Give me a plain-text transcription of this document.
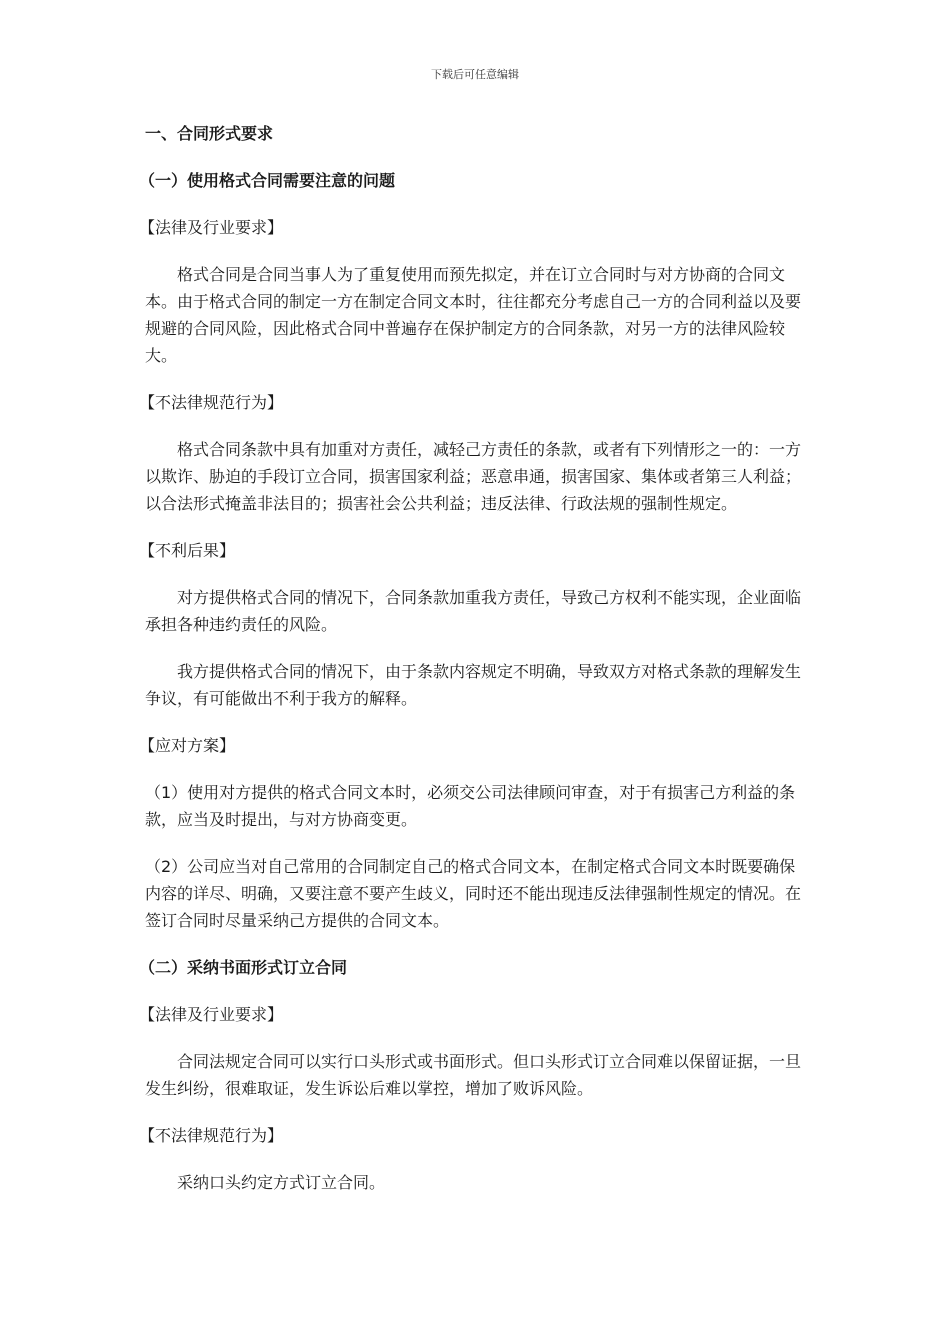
下载后可任意编辑
一、合同形式要求
（一）使用格式合同需要注意的问题
【法律及行业要求】
格式合同是合同当事人为了重复使用而预先拟定，并在订立合同时与对方协商的合同文本。由于格式合同的制定一方在制定合同文本时，往往都充分考虑自己一方的合同利益以及要规避的合同风险，因此格式合同中普遍存在保护制定方的合同条款，对另一方的法律风险较大。
【不法律规范行为】
格式合同条款中具有加重对方责任，减轻己方责任的条款，或者有下列情形之一的：一方以欺诈、胁迫的手段订立合同，损害国家利益；恶意串通，损害国家、集体或者第三人利益；以合法形式掩盖非法目的；损害社会公共利益；违反法律、行政法规的强制性规定。
【不利后果】
对方提供格式合同的情况下，合同条款加重我方责任，导致己方权利不能实现，企业面临承担各种违约责任的风险。
我方提供格式合同的情况下，由于条款内容规定不明确，导致双方对格式条款的理解发生争议，有可能做出不利于我方的解释。
【应对方案】
（1）使用对方提供的格式合同文本时，必须交公司法律顾问审查，对于有损害己方利益的条款，应当及时提出，与对方协商变更。
（2）公司应当对自己常用的合同制定自己的格式合同文本，在制定格式合同文本时既要确保内容的详尽、明确，又要注意不要产生歧义，同时还不能出现违反法律强制性规定的情况。在签订合同时尽量采纳己方提供的合同文本。
（二）采纳书面形式订立合同
【法律及行业要求】
合同法规定合同可以实行口头形式或书面形式。但口头形式订立合同难以保留证据，一旦发生纠纷，很难取证，发生诉讼后难以掌控，增加了败诉风险。
【不法律规范行为】
采纳口头约定方式订立合同。
